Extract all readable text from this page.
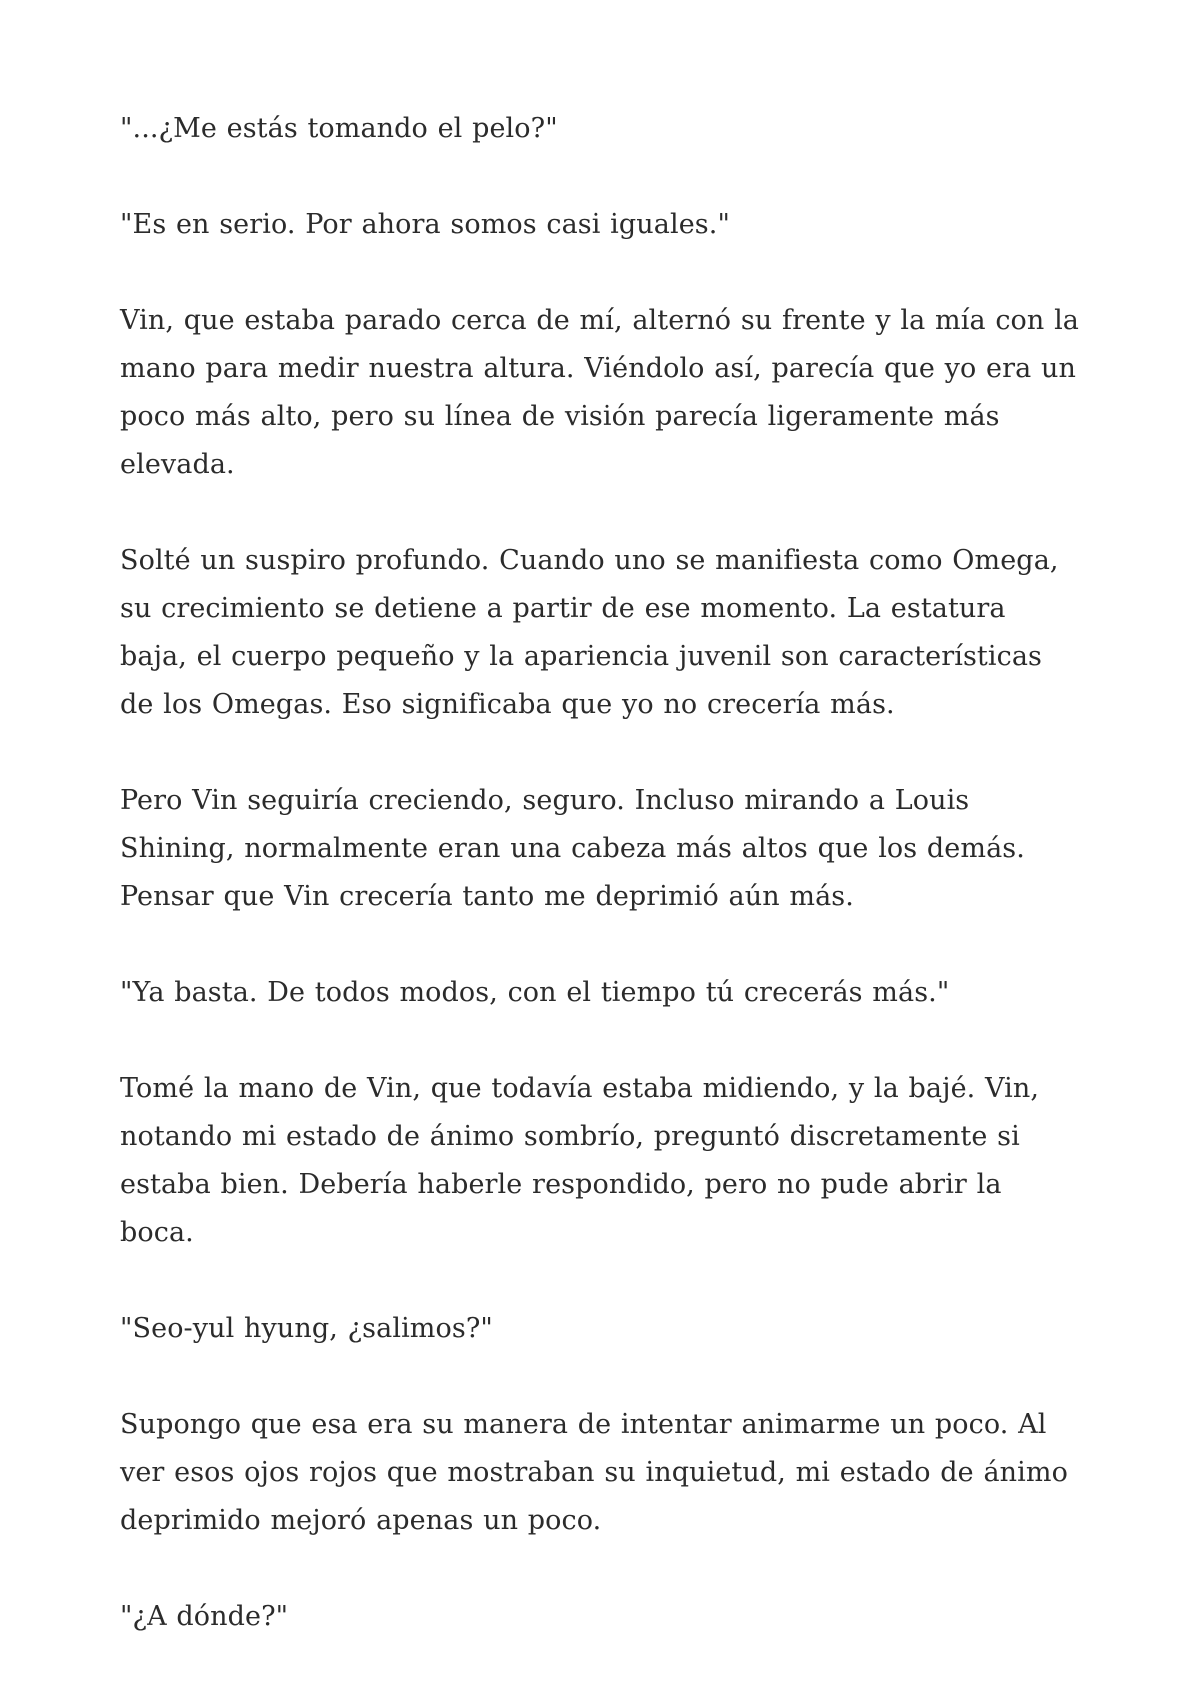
"...¿Me estás tomando el pelo?"

"Es en serio. Por ahora somos casi iguales."

Vin, que estaba parado cerca de mí, alternó su frente y la mía con la mano para medir nuestra altura. Viéndolo así, parecía que yo era un poco más alto, pero su línea de visión parecía ligeramente más elevada.

Solté un suspiro profundo. Cuando uno se manifiesta como Omega, su crecimiento se detiene a partir de ese momento. La estatura baja, el cuerpo pequeño y la apariencia juvenil son características de los Omegas. Eso significaba que yo no crecería más.

Pero Vin seguiría creciendo, seguro. Incluso mirando a Louis Shining, normalmente eran una cabeza más altos que los demás. Pensar que Vin crecería tanto me deprimió aún más.

"Ya basta. De todos modos, con el tiempo tú crecerás más."

Tomé la mano de Vin, que todavía estaba midiendo, y la bajé. Vin, notando mi estado de ánimo sombrío, preguntó discretamente si estaba bien. Debería haberle respondido, pero no pude abrir la boca.

"Seo-yul hyung, ¿salimos?"

Supongo que esa era su manera de intentar animarme un poco. Al ver esos ojos rojos que mostraban su inquietud, mi estado de ánimo deprimido mejoró apenas un poco.

"¿A dónde?"
